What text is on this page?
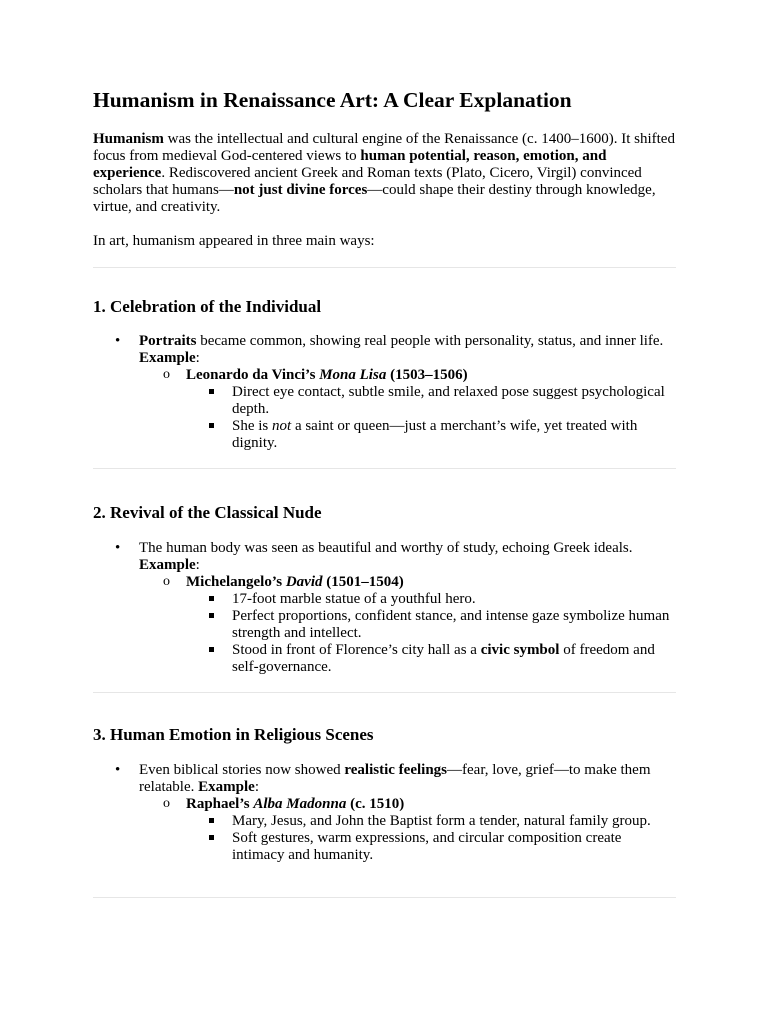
Humanism in Renaissance Art: A Clear Explanation

Humanism was the intellectual and cultural engine of the Renaissance (c. 1400–1600). It shifted focus from medieval God-centered views to human potential, reason, emotion, and experience. Rediscovered ancient Greek and Roman texts (Plato, Cicero, Virgil) convinced scholars that humans—not just divine forces—could shape their destiny through knowledge, virtue, and creativity.

In art, humanism appeared in three main ways:

1. Celebration of the Individual
• Portraits became common, showing real people with personality, status, and inner life. Example:
o Leonardo da Vinci’s Mona Lisa (1503–1506)
Direct eye contact, subtle smile, and relaxed pose suggest psychological depth.
She is not a saint or queen—just a merchant’s wife, yet treated with dignity.
2. Revival of the Classical Nude
• The human body was seen as beautiful and worthy of study, echoing Greek ideals. Example:
o Michelangelo’s David (1501–1504)
17-foot marble statue of a youthful hero.
Perfect proportions, confident stance, and intense gaze symbolize human strength and intellect.
Stood in front of Florence’s city hall as a civic symbol of freedom and self-governance.
3. Human Emotion in Religious Scenes
• Even biblical stories now showed realistic feelings—fear, love, grief—to make them relatable. Example:
o Raphael’s Alba Madonna (c. 1510)
Mary, Jesus, and John the Baptist form a tender, natural family group.
Soft gestures, warm expressions, and circular composition create intimacy and humanity.
